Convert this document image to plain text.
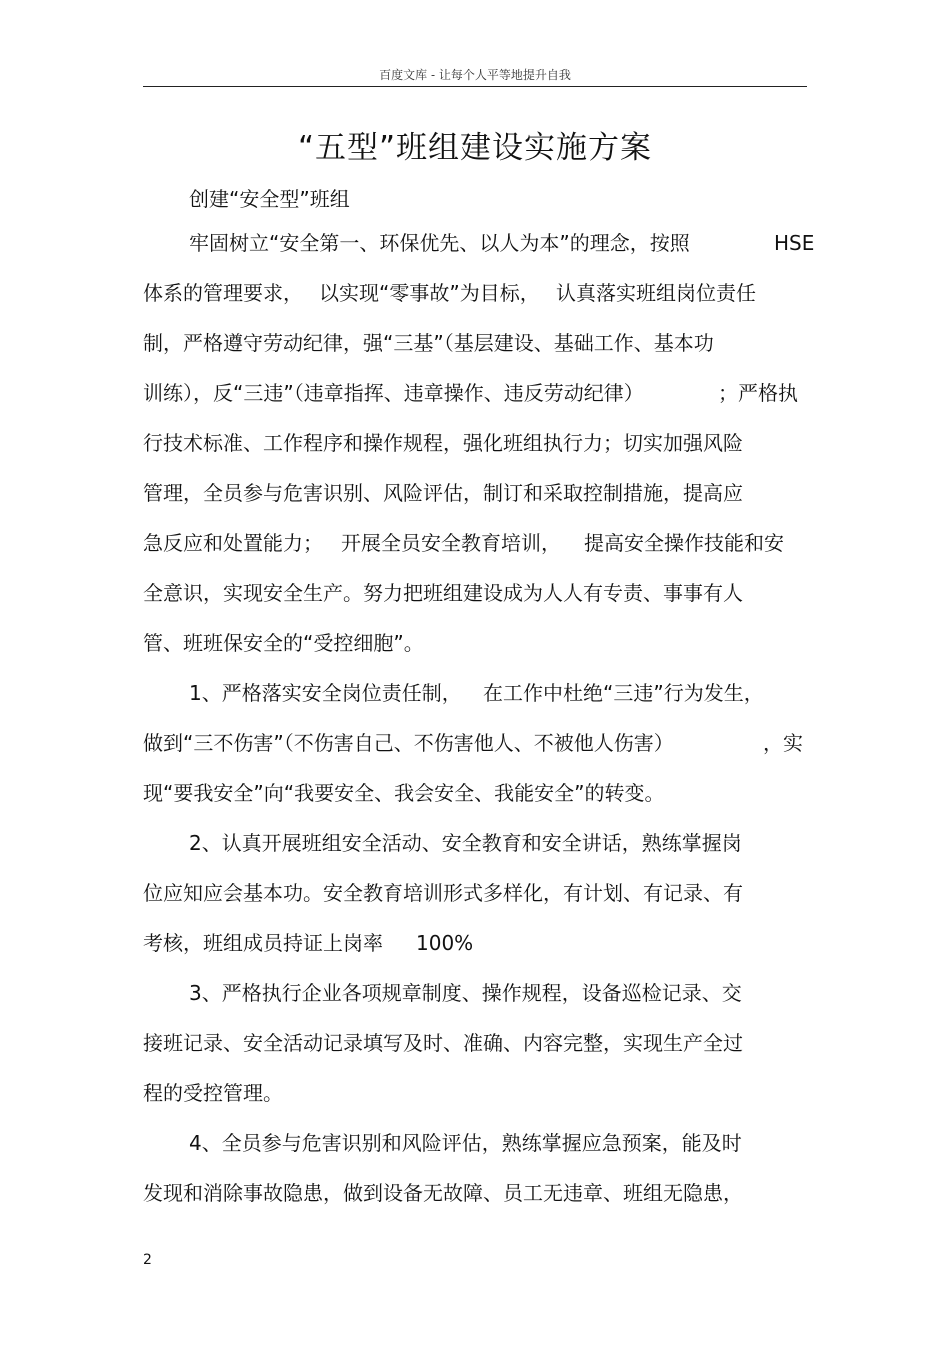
百度文库 - 让每个人平等地提升自我
“五型”班组建设实施方案
创建“安全型”班组
牢固树立“安全第一、环保优先、以人为本”的理念，按照	HSE
体系的管理要求， 以实现“零事故”为目标， 认真落实班组岗位责任
制，严格遵守劳动纪律，强“三基”（基层建设、基础工作、基本功
训练），反“三违”（违章指挥、违章操作、违反劳动纪律）	；严格执
行技术标准、工作程序和操作规程，强化班组执行力；切实加强风险
管理，全员参与危害识别、风险评估，制订和采取控制措施，提高应
急反应和处置能力； 开展全员安全教育培训， 提高安全操作技能和安
全意识，实现安全生产。努力把班组建设成为人人有专责、事事有人
管、班班保安全的“受控细胞”。
1、严格落实安全岗位责任制， 在工作中杜绝“三违”行为发生，
做到“三不伤害”（不伤害自己、不伤害他人、不被他人伤害）	，实
现“要我安全”向“我要安全、我会安全、我能安全”的转变。
2、认真开展班组安全活动、安全教育和安全讲话，熟练掌握岗
位应知应会基本功。安全教育培训形式多样化，有计划、有记录、有
考核，班组成员持证上岗率 100%
3、严格执行企业各项规章制度、操作规程，设备巡检记录、交
接班记录、安全活动记录填写及时、准确、内容完整，实现生产全过
程的受控管理。
4、全员参与危害识别和风险评估，熟练掌握应急预案，能及时
发现和消除事故隐患，做到设备无故障、员工无违章、班组无隐患，
2
